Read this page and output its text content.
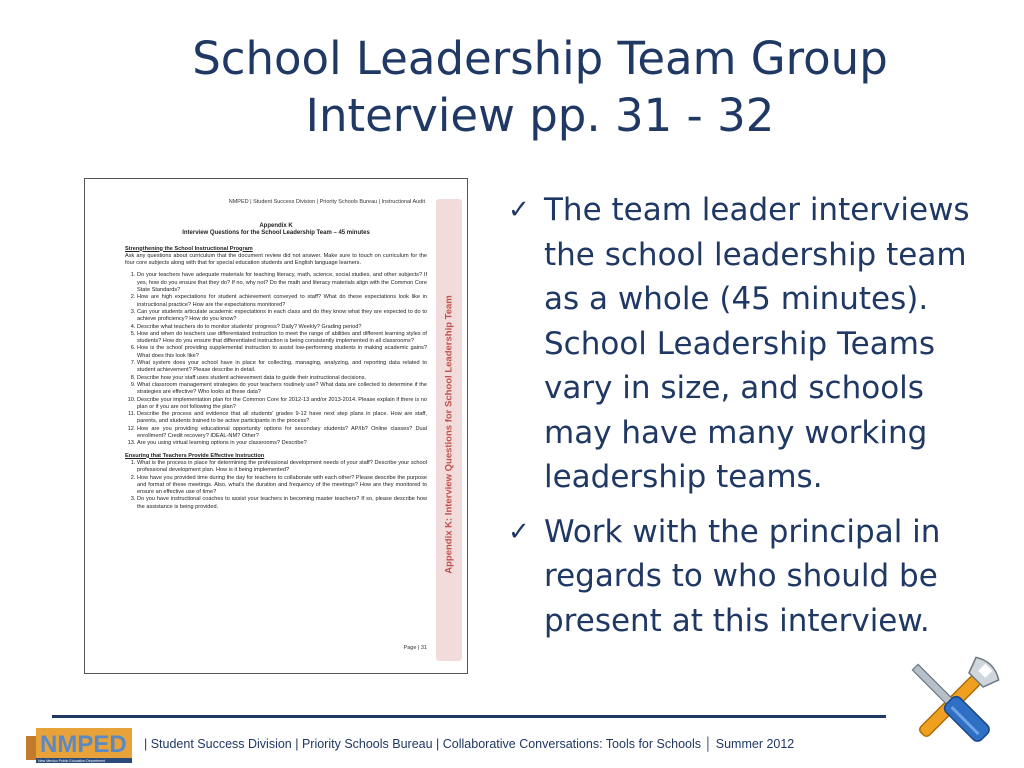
School Leadership Team Group
Interview pp. 31 - 32
NMPED | Student Success Division | Priority Schools Bureau | Instructional Audit
Appendix K: Interview Questions for School Leadership Team
Appendix K
Interview Questions for the School Leadership Team – 45 minutes
Strengthening the School Instructional Program

Ask any questions about curriculum that the document review did not answer. Make sure to touch on curriculum for the four core subjects along with that for special education students and English language learners.

1. Do your teachers have adequate materials for teaching literacy, math, science, social studies, and other subjects? If yes, how do you ensure that they do? If no, why not? Do the math and literacy materials align with the Common Core State Standards?
2. How are high expectations for student achievement conveyed to staff? What do these expectations look like in instructional practice? How are the expectations monitored?
3. Can your students articulate academic expectations in each class and do they know what they are expected to do to achieve proficiency? How do you know?
4. Describe what teachers do to monitor students' progress? Daily? Weekly? Grading period?
5. How and when do teachers use differentiated instruction to meet the range of abilities and different learning styles of students? How do you ensure that differentiated instruction is being consistently implemented in all classrooms?
6. How is the school providing supplemental instruction to assist low-performing students in making academic gains? What does this look like?
7. What system does your school have in place for collecting, managing, analyzing, and reporting data related to student achievement? Please describe in detail.
8. Describe how your staff uses student achievement data to guide their instructional decisions.
9. What classroom management strategies do your teachers routinely use? What data are collected to determine if the strategies are effective? Who looks at these data?
10. Describe your implementation plan for the Common Core for 2012-13 and/or 2013-2014. Please explain if there is no plan or if you are not following the plan?
11. Describe the process and evidence that all students' grades 9-12 have next step plans in place. How are staff, parents, and students trained to be active participants in the process?
12. How are you providing educational opportunity options for secondary students? AP/Ib? Online classes? Dual enrollment? Credit recovery? IDEAL-NM? Other?
13. Are you using virtual learning options in your classrooms? Describe?
Ensuring that Teachers Provide Effective Instruction
1. What is the process in place for determining the professional development needs of your staff? Describe your school professional development plan. How is it being implemented?
2. How have you provided time during the day for teachers to collaborate with each other? Please describe the purpose and format of these meetings. Also, what's the duration and frequency of the meetings? How are they monitored to ensure an effective use of time?
3. Do you have instructional coaches to assist your teachers in becoming master teachers? If so, please describe how the assistance is being provided.
Page | 31
✓ The team leader interviews the school leadership team as a whole (45 minutes). School Leadership Teams vary in size, and schools may have many working leadership teams.
✓ Work with the principal in regards to who should be present at this interview.
NMPED
New Mexico Public Education Department
| Student Success Division | Priority Schools Bureau | Collaborative Conversations: Tools for Schools │ Summer 2012
